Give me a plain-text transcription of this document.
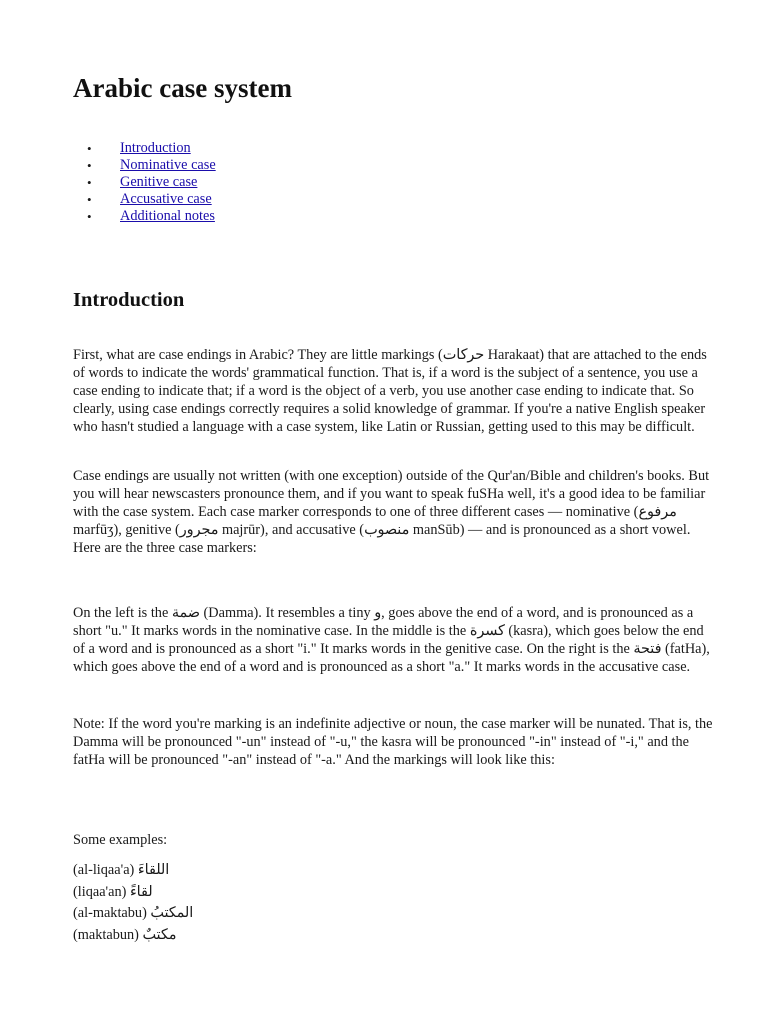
Arabic case system
• Introduction
• Nominative case
• Genitive case
• Accusative case
• Additional notes
Introduction

First, what are case endings in Arabic? They are little markings (حركات Harakaat) that are attached to the ends of words to indicate the words' grammatical function. That is, if a word is the subject of a sentence, you use a case ending to indicate that; if a word is the object of a verb, you use another case ending to indicate that. So clearly, using case endings correctly requires a solid knowledge of grammar. If you're a native English speaker who hasn't studied a language with a case system, like Latin or Russian, getting used to this may be difficult.

Case endings are usually not written (with one exception) outside of the Qur'an/Bible and children's books. But you will hear newscasters pronounce them, and if you want to speak fuSHa well, it's a good idea to be familiar with the case system. Each case marker corresponds to one of three different cases — nominative (مرفوع marfūʒ), genitive (مجرور majrūr), and accusative (منصوب manSūb) — and is pronounced as a short vowel. Here are the three case markers:

On the left is the ضمة (Damma). It resembles a tiny و, goes above the end of a word, and is pronounced as a short "u." It marks words in the nominative case. In the middle is the كسرة (kasra), which goes below the end of a word and is pronounced as a short "i." It marks words in the genitive case. On the right is the فتحة (fatHa), which goes above the end of a word and is pronounced as a short "a." It marks words in the accusative case.

Note: If the word you're marking is an indefinite adjective or noun, the case marker will be nunated. That is, the Damma will be pronounced "-un" instead of "-u," the kasra will be pronounced "-in" instead of "-i," and the fatHa will be pronounced "-an" instead of "-a." And the markings will look like this:

Some examples:

(al-liqaa'a) اللقاءَ
(liqaa'an) لقاءً
(al-maktabu) المكتبُ
(maktabun) مكتبٌ
